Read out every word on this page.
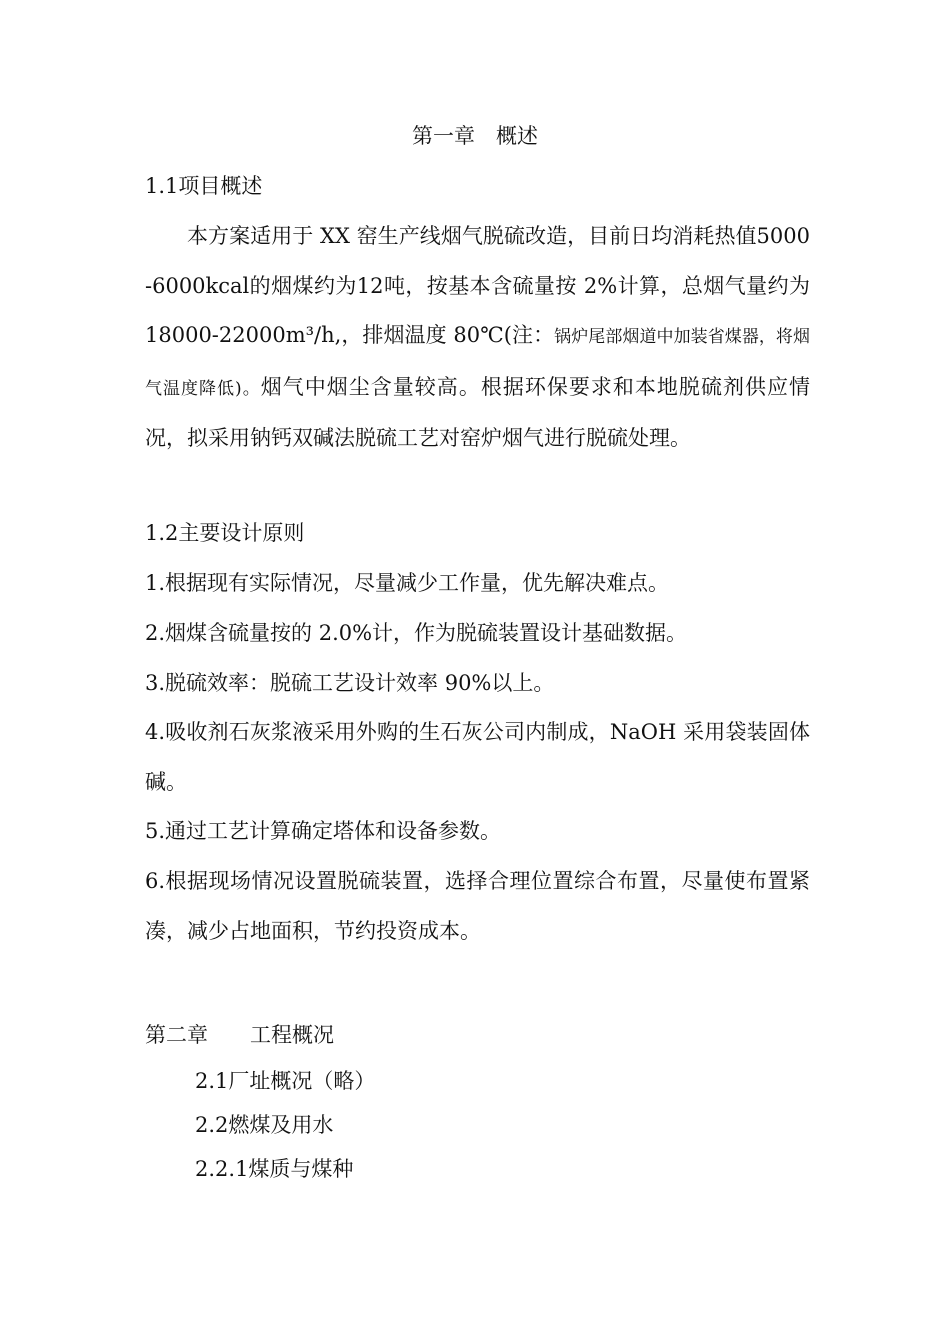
第一章　概述
1.1项目概述
本方案适用于 XX 窑生产线烟气脱硫改造，目前日均消耗热值5000 -6000kcal的烟煤约为12吨，按基本含硫量按 2%计算，总烟气量约为 18000-22000m³/h,，排烟温度 80℃(注：锅炉尾部烟道中加装省煤器，将烟气温度降低)。烟气中烟尘含量较高。根据环保要求和本地脱硫剂供应情况，拟采用钠钙双碱法脱硫工艺对窑炉烟气进行脱硫处理。
1.2主要设计原则
1.根据现有实际情况，尽量减少工作量，优先解决难点。
2.烟煤含硫量按的 2.0%计，作为脱硫装置设计基础数据。
3.脱硫效率：脱硫工艺设计效率 90%以上。
4.吸收剂石灰浆液采用外购的生石灰公司内制成，NaOH 采用袋装固体碱。
5.通过工艺计算确定塔体和设备参数。
6.根据现场情况设置脱硫装置，选择合理位置综合布置，尽量使布置紧凑，减少占地面积，节约投资成本。
第二章　　工程概况
2.1厂址概况（略）
2.2燃煤及用水
2.2.1煤质与煤种
